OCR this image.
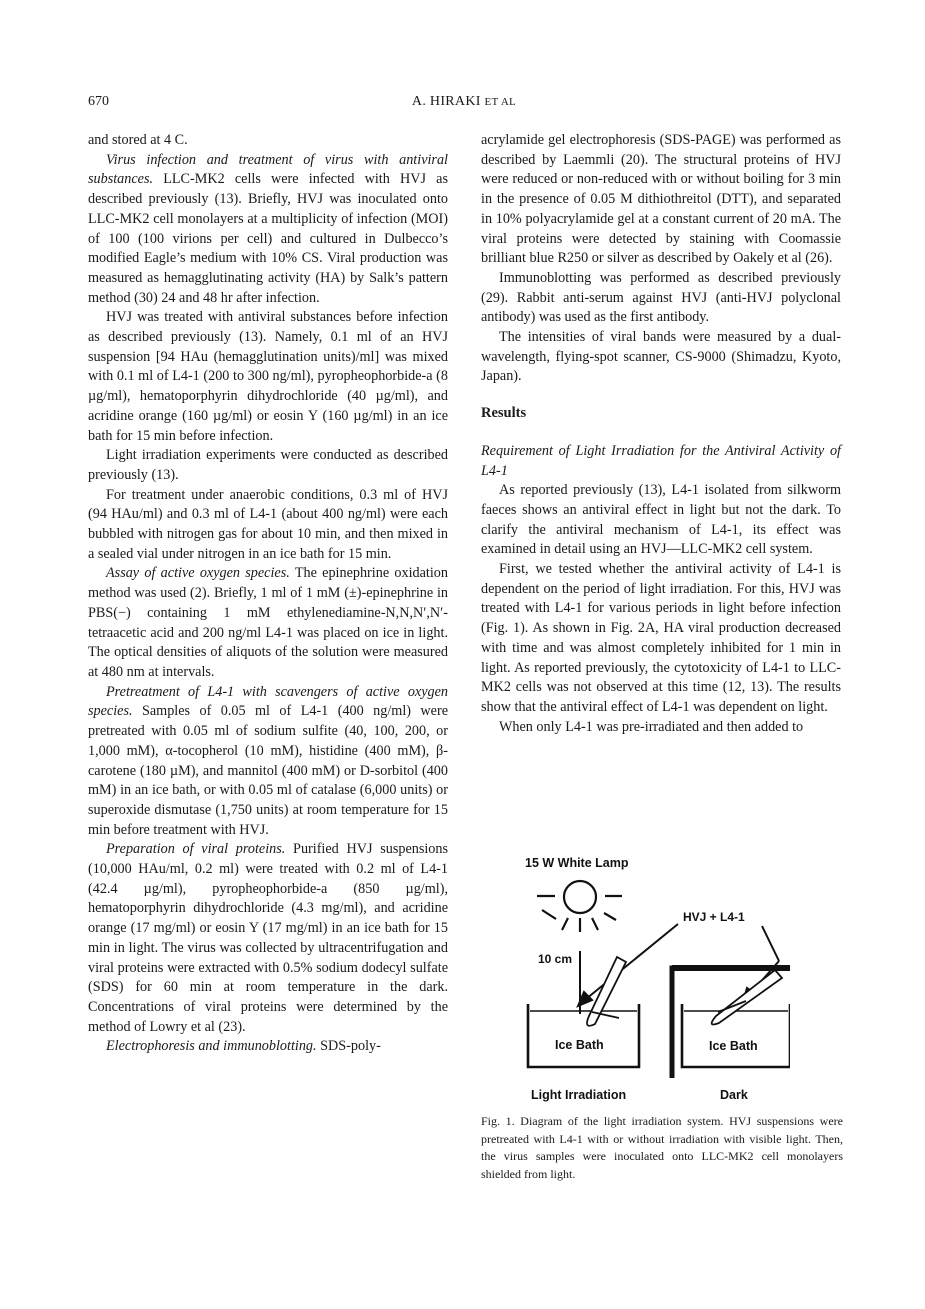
670	A. HIRAKI ET AL

and stored at 4 C.

Virus infection and treatment of virus with antiviral substances. LLC-MK2 cells were infected with HVJ as described previously (13). Briefly, HVJ was inoculated onto LLC-MK2 cell monolayers at a multiplicity of infection (MOI) of 100 (100 virions per cell) and cultured in Dulbecco’s modified Eagle’s medium with 10% CS. Viral production was measured as hemagglutinating activity (HA) by Salk’s pattern method (30) 24 and 48 hr after infection.

HVJ was treated with antiviral substances before infection as described previously (13). Namely, 0.1 ml of an HVJ suspension [94 HAu (hemagglutination units)/ml] was mixed with 0.1 ml of L4-1 (200 to 300 ng/ml), pyropheophorbide-a (8 µg/ml), hematoporphyrin dihydrochloride (40 µg/ml), and acridine orange (160 µg/ml) or eosin Y (160 µg/ml) in an ice bath for 15 min before infection.

Light irradiation experiments were conducted as described previously (13).

For treatment under anaerobic conditions, 0.3 ml of HVJ (94 HAu/ml) and 0.3 ml of L4-1 (about 400 ng/ml) were each bubbled with nitrogen gas for about 10 min, and then mixed in a sealed vial under nitrogen in an ice bath for 15 min.

Assay of active oxygen species. The epinephrine oxidation method was used (2). Briefly, 1 ml of 1 mM (±)-epinephrine in PBS(−) containing 1 mM ethylenediamine-N,N,N′,N′-tetraacetic acid and 200 ng/ml L4-1 was placed on ice in light. The optical densities of aliquots of the solution were measured at 480 nm at intervals.

Pretreatment of L4-1 with scavengers of active oxygen species. Samples of 0.05 ml of L4-1 (400 ng/ml) were pretreated with 0.05 ml of sodium sulfite (40, 100, 200, or 1,000 mM), α-tocopherol (10 mM), histidine (400 mM), β-carotene (180 µM), and mannitol (400 mM) or D-sorbitol (400 mM) in an ice bath, or with 0.05 ml of catalase (6,000 units) or superoxide dismutase (1,750 units) at room temperature for 15 min before treatment with HVJ.

Preparation of viral proteins. Purified HVJ suspensions (10,000 HAu/ml, 0.2 ml) were treated with 0.2 ml of L4-1 (42.4 µg/ml), pyropheophorbide-a (850 µg/ml), hematoporphyrin dihydrochloride (4.3 mg/ml), and acridine orange (17 mg/ml) or eosin Y (17 mg/ml) in an ice bath for 15 min in light. The virus was collected by ultracentrifugation and viral proteins were extracted with 0.5% sodium dodecyl sulfate (SDS) for 60 min at room temperature in the dark. Concentrations of viral proteins were determined by the method of Lowry et al (23).

Electrophoresis and immunoblotting. SDS-poly-

acrylamide gel electrophoresis (SDS-PAGE) was performed as described by Laemmli (20). The structural proteins of HVJ were reduced or non-reduced with or without boiling for 3 min in the presence of 0.05 M dithiothreitol (DTT), and separated in 10% polyacrylamide gel at a constant current of 20 mA. The viral proteins were detected by staining with Coomassie brilliant blue R250 or silver as described by Oakely et al (26).

Immunoblotting was performed as described previously (29). Rabbit anti-serum against HVJ (anti-HVJ polyclonal antibody) was used as the first antibody.

The intensities of viral bands were measured by a dual-wavelength, flying-spot scanner, CS-9000 (Shimadzu, Kyoto, Japan).

Results

Requirement of Light Irradiation for the Antiviral Activity of L4-1

As reported previously (13), L4-1 isolated from silkworm faeces shows an antiviral effect in light but not the dark. To clarify the antiviral mechanism of L4-1, its effect was examined in detail using an HVJ—LLC-MK2 cell system.

First, we tested whether the antiviral activity of L4-1 is dependent on the period of light irradiation. For this, HVJ was treated with L4-1 for various periods in light before infection (Fig. 1). As shown in Fig. 2A, HA viral production decreased with time and was almost completely inhibited for 1 min in light. As reported previously, the cytotoxicity of L4-1 to LLC-MK2 cells was not observed at this time (12, 13). The results show that the antiviral effect of L4-1 was dependent on light.

When only L4-1 was pre-irradiated and then added to

15 W White Lamp
10 cm
HVJ + L4-1
Ice Bath	Ice Bath
Light Irradiation	Dark
Fig. 1. Diagram of the light irradiation system. HVJ suspensions were pretreated with L4-1 with or without irradiation with visible light. Then, the virus samples were inoculated onto LLC-MK2 cell monolayers shielded from light.
